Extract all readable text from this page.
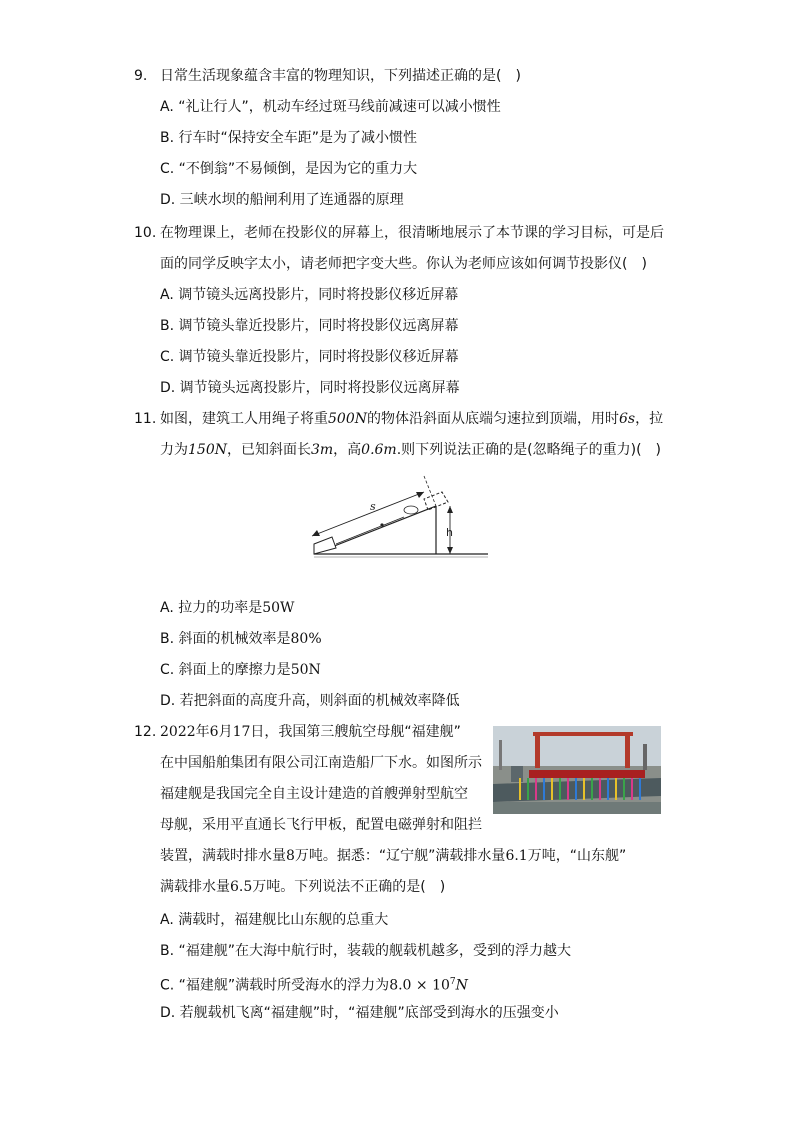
9. 日常生活现象蕴含丰富的物理知识，下列描述正确的是(　)
A. “礼让行人”，机动车经过斑马线前减速可以减小惯性
B. 行车时“保持安全车距”是为了减小惯性
C. “不倒翁”不易倾倒，是因为它的重力大
D. 三峡水坝的船闸利用了连通器的原理
10. 在物理课上，老师在投影仪的屏幕上，很清晰地展示了本节课的学习目标，可是后
面的同学反映字太小，请老师把字变大些。你认为老师应该如何调节投影仪(　)
A. 调节镜头远离投影片，同时将投影仪移近屏幕
B. 调节镜头靠近投影片，同时将投影仪远离屏幕
C. 调节镜头靠近投影片，同时将投影仪移近屏幕
D. 调节镜头远离投影片，同时将投影仪远离屏幕
11. 如图，建筑工人用绳子将重500N的物体沿斜面从底端匀速拉到顶端，用时6s，拉
力为150N，已知斜面长3m，高0.6m.则下列说法正确的是(忽略绳子的重力)(　)
s
h
A. 拉力的功率是50W
B. 斜面的机械效率是80%
C. 斜面上的摩擦力是50N
D. 若把斜面的高度升高，则斜面的机械效率降低
12. 2022年6月17日，我国第三艘航空母舰“福建舰”
在中国船舶集团有限公司江南造船厂下水。如图所示
福建舰是我国完全自主设计建造的首艘弹射型航空
母舰，采用平直通长飞行甲板，配置电磁弹射和阻拦
装置，满载时排水量8万吨。据悉：“辽宁舰”满载排水量6.1万吨，“山东舰”
满载排水量6.5万吨。下列说法不正确的是(　)
A. 满载时，福建舰比山东舰的总重大
B. “福建舰”在大海中航行时，装载的舰载机越多，受到的浮力越大
C. “福建舰”满载时所受海水的浮力为$8.0 \times 10^7N$
D. 若舰载机飞离“福建舰”时，“福建舰”底部受到海水的压强变小
